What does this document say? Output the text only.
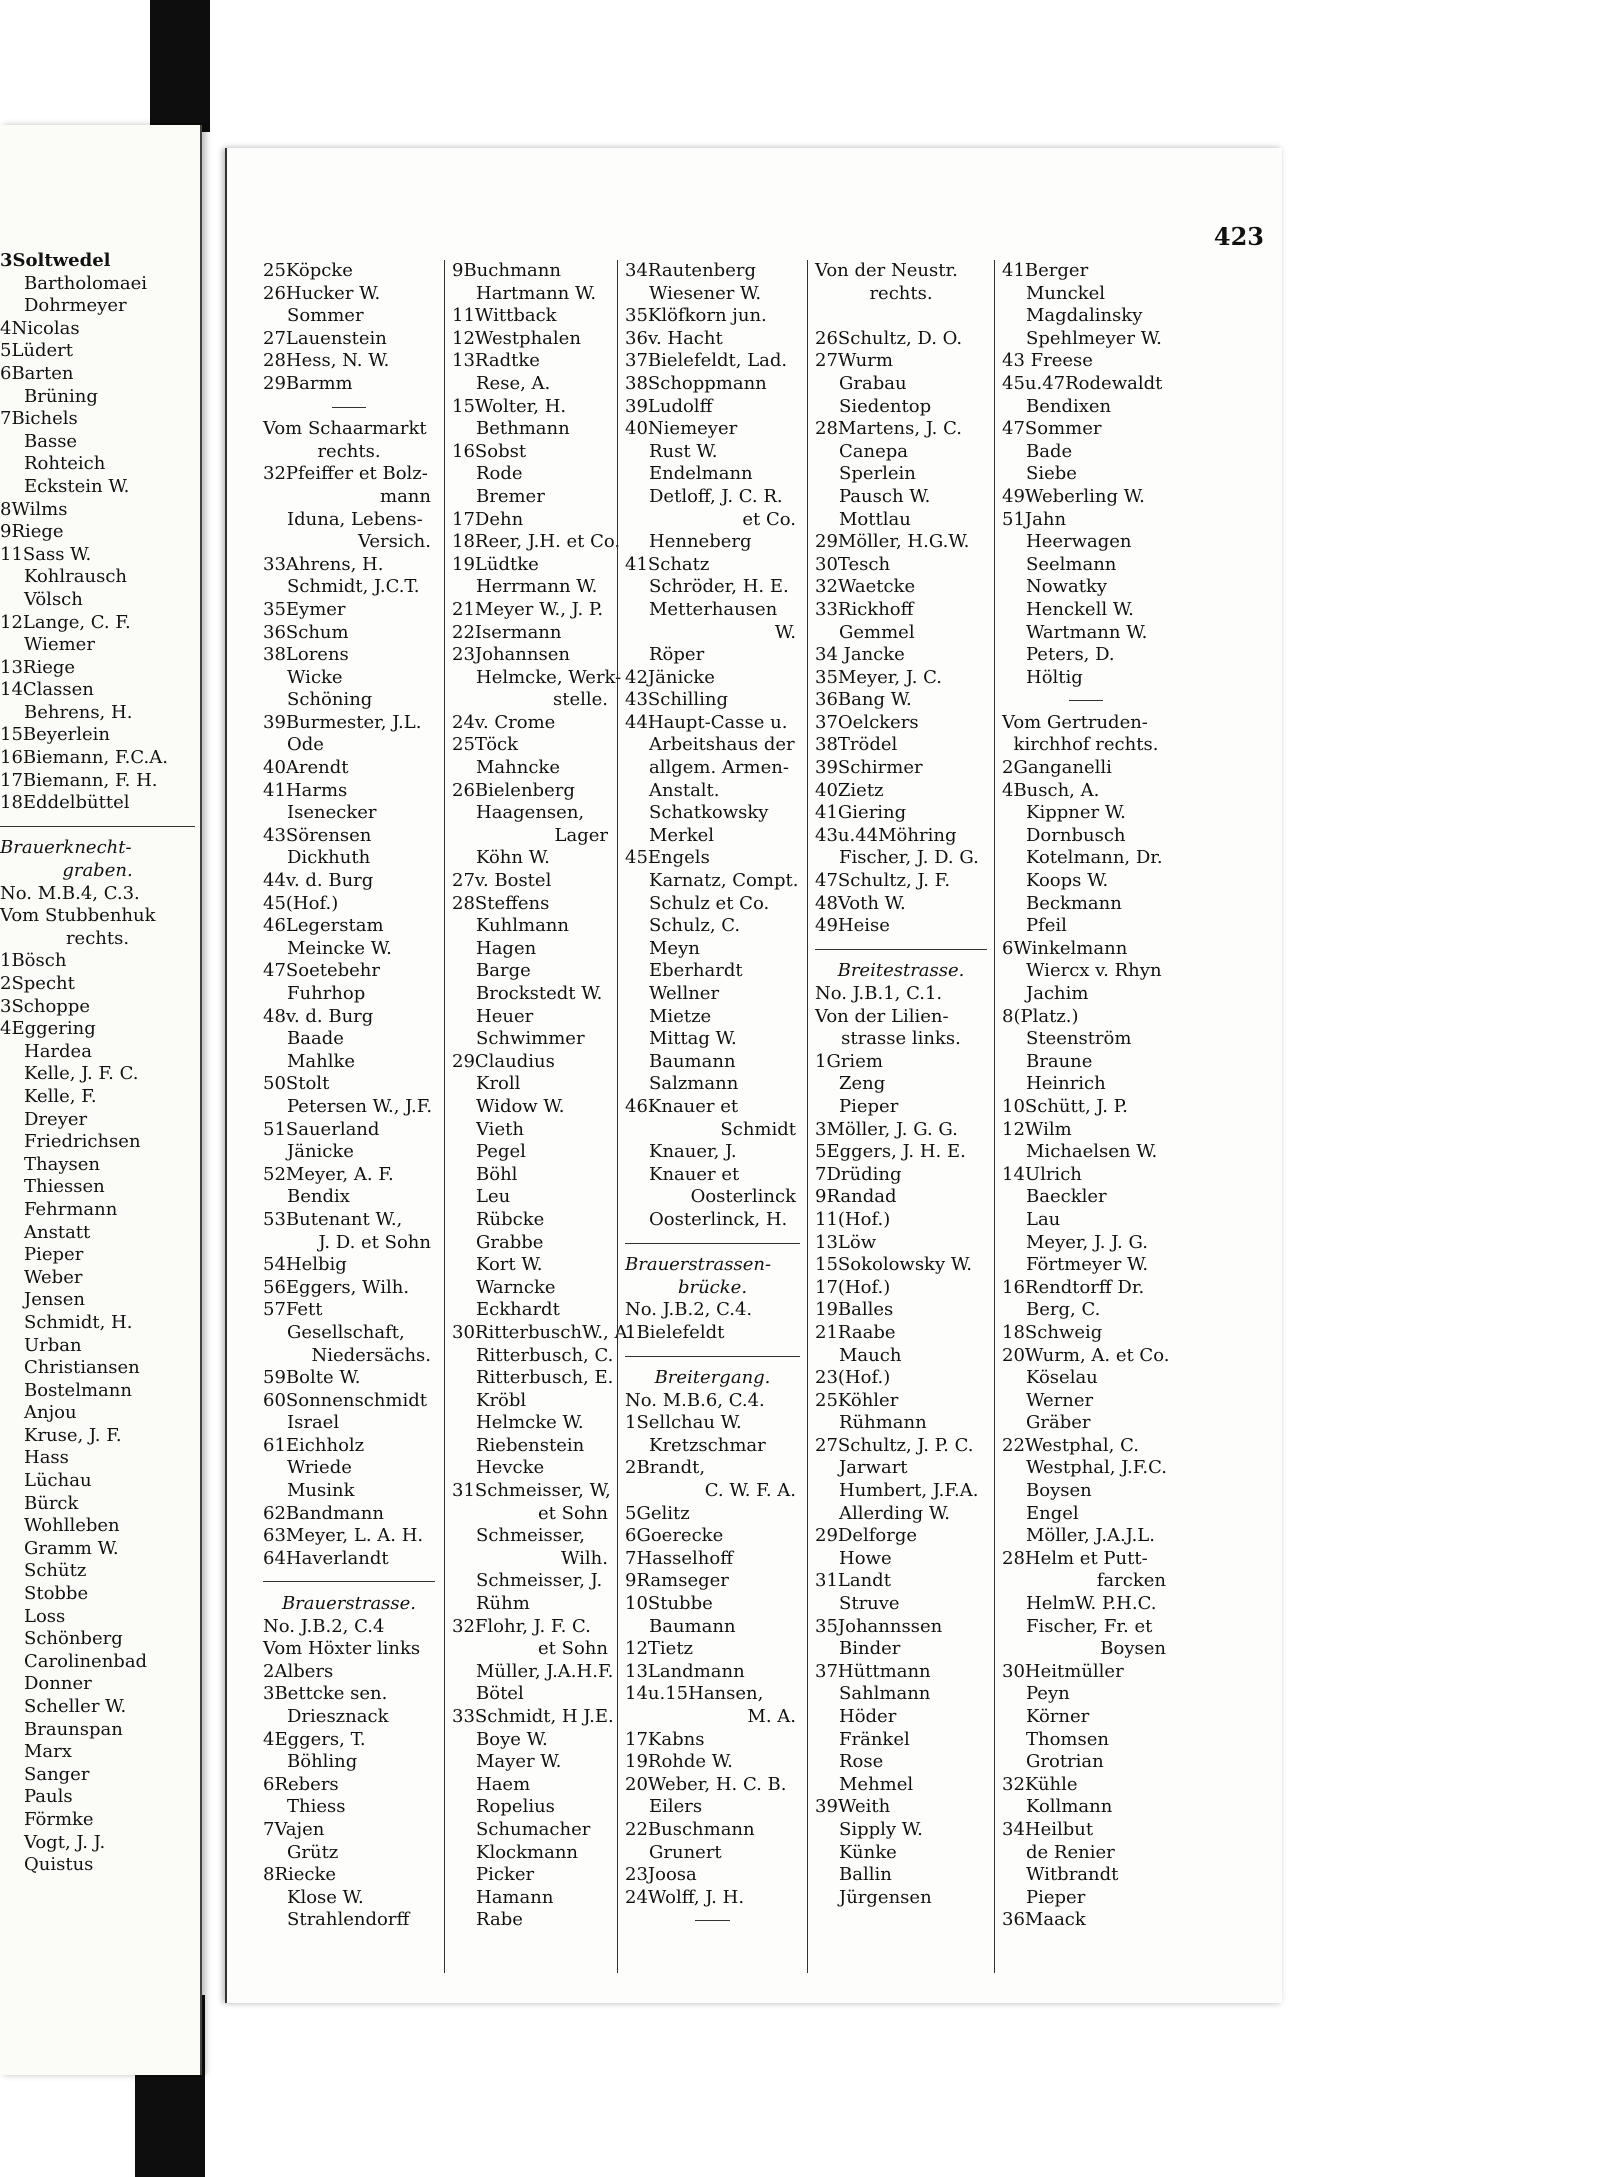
3Soltwedel
Bartholomaei
Dohrmeyer
4Nicolas
5Lüdert
6Barten
Brüning
7Bichels
Basse
Rohteich
Eckstein W.
8Wilms
9Riege
11Sass W.
Kohlrausch
Völsch
12Lange, C. F.
Wiemer
13Riege
14Classen
Behrens, H.
15Beyerlein
16Biemann, F.C.A.
17Biemann, F. H.
18Eddelbüttel
Brauerknecht-
graben.
No. M.B.4, C.3.
Vom Stubbenhuk
rechts.
1Bösch
2Specht
3Schoppe
4Eggering
Hardea
Kelle, J. F. C.
Kelle, F.
Dreyer
Friedrichsen
Thaysen
Thiessen
Fehrmann
Anstatt
Pieper
Weber
Jensen
Schmidt, H.
Urban
Christiansen
Bostelmann
Anjou
Kruse, J. F.
Hass
Lüchau
Bürck
Wohlleben
Gramm W.
Schütz
Stobbe
Loss
Schönberg
Carolinenbad
Donner
Scheller W.
Braunspan
Marx
Sanger
Pauls
Förmke
Vogt, J. J.
Quistus
423
25Köpcke
26Hucker W.
Sommer
27Lauenstein
28Hess, N. W.
29Barmm
Vom Schaarmarkt
rechts.
32Pfeiffer et Bolz-
mann
Iduna, Lebens-
Versich.
33Ahrens, H.
Schmidt, J.C.T.
35Eymer
36Schum
38Lorens
Wicke
Schöning
39Burmester, J.L.
Ode
40Arendt
41Harms
Isenecker
43Sörensen
Dickhuth
44v. d. Burg
45(Hof.)
46Legerstam
Meincke W.
47Soetebehr
Fuhrhop
48v. d. Burg
Baade
Mahlke
50Stolt
Petersen W., J.F.
51Sauerland
Jänicke
52Meyer, A. F.
Bendix
53Butenant W.,
J. D. et Sohn
54Helbig
56Eggers, Wilh.
57Fett
Gesellschaft,
Niedersächs.
59Bolte W.
60Sonnenschmidt
Israel
61Eichholz
Wriede
Musink
62Bandmann
63Meyer, L. A. H.
64Haverlandt
Brauerstrasse.
No. J.B.2, C.4
Vom Höxter links
2Albers
3Bettcke sen.
Driesznack
4Eggers, T.
Böhling
6Rebers
Thiess
7Vajen
Grütz
8Riecke
Klose W.
Strahlendorff
9Buchmann
Hartmann W.
11Wittback
12Westphalen
13Radtke
Rese, A.
15Wolter, H.
Bethmann
16Sobst
Rode
Bremer
17Dehn
18Reer, J.H. et Co.
19Lüdtke
Herrmann W.
21Meyer W., J. P.
22Isermann
23Johannsen
Helmcke, Werk-
stelle.
24v. Crome
25Töck
Mahncke
26Bielenberg
Haagensen,
Lager
Köhn W.
27v. Bostel
28Steffens
Kuhlmann
Hagen
Barge
Brockstedt W.
Heuer
Schwimmer
29Claudius
Kroll
Widow W.
Vieth
Pegel
Böhl
Leu
Rübcke
Grabbe
Kort W.
Warncke
Eckhardt
30RitterbuschW., A.
Ritterbusch, C.
Ritterbusch, E.
Kröbl
Helmcke W.
Riebenstein
Hevcke
31Schmeisser, W,
et Sohn
Schmeisser,
Wilh.
Schmeisser, J.
Rühm
32Flohr, J. F. C.
et Sohn
Müller, J.A.H.F.
Bötel
33Schmidt, H J.E.
Boye W.
Mayer W.
Haem
Ropelius
Schumacher
Klockmann
Picker
Hamann
Rabe
34Rautenberg
Wiesener W.
35Klöfkorn jun.
36v. Hacht
37Bielefeldt, Lad.
38Schoppmann
39Ludolff
40Niemeyer
Rust W.
Endelmann
Detloff, J. C. R.
et Co.
Henneberg
41Schatz
Schröder, H. E.
Metterhausen
W.
Röper
42Jänicke
43Schilling
44Haupt-Casse u.
Arbeitshaus der
allgem. Armen-
Anstalt.
Schatkowsky
Merkel
45Engels
Karnatz, Compt.
Schulz et Co.
Schulz, C.
Meyn
Eberhardt
Wellner
Mietze
Mittag W.
Baumann
Salzmann
46Knauer et
Schmidt
Knauer, J.
Knauer et
Oosterlinck
Oosterlinck, H.
Brauerstrassen-
brücke.
No. J.B.2, C.4.
1Bielefeldt
Breitergang.
No. M.B.6, C.4.
1Sellchau W.
Kretzschmar
2Brandt,
C. W. F. A.
5Gelitz
6Goerecke
7Hasselhoff
9Ramseger
10Stubbe
Baumann
12Tietz
13Landmann
14u.15Hansen,
M. A.
17Kabns
19Rohde W.
20Weber, H. C. B.
Eilers
22Buschmann
Grunert
23Joosa
24Wolff, J. H.
Von der Neustr.
rechts.
26Schultz, D. O.
27Wurm
Grabau
Siedentop
28Martens, J. C.
Canepa
Sperlein
Pausch W.
Mottlau
29Möller, H.G.W.
30Tesch
32Waetcke
33Rickhoff
Gemmel
34 Jancke
35Meyer, J. C.
36Bang W.
37Oelckers
38Trödel
39Schirmer
40Zietz
41Giering
43u.44Möhring
Fischer, J. D. G.
47Schultz, J. F.
48Voth W.
49Heise
Breitestrasse.
No. J.B.1, C.1.
Von der Lilien-
strasse links.
1Griem
Zeng
Pieper
3Möller, J. G. G.
5Eggers, J. H. E.
7Drüding
9Randad
11(Hof.)
13Löw
15Sokolowsky W.
17(Hof.)
19Balles
21Raabe
Mauch
23(Hof.)
25Köhler
Rühmann
27Schultz, J. P. C.
Jarwart
Humbert, J.F.A.
Allerding W.
29Delforge
Howe
31Landt
Struve
35Johannssen
Binder
37Hüttmann
Sahlmann
Höder
Fränkel
Rose
Mehmel
39Weith
Sipply W.
Künke
Ballin
Jürgensen
41Berger
Munckel
Magdalinsky
Spehlmeyer W.
43 Freese
45u.47Rodewaldt
Bendixen
47Sommer
Bade
Siebe
49Weberling W.
51Jahn
Heerwagen
Seelmann
Nowatky
Henckell W.
Wartmann W.
Peters, D.
Höltig
Vom Gertruden-
kirchhof rechts.
2Ganganelli
4Busch, A.
Kippner W.
Dornbusch
Kotelmann, Dr.
Koops W.
Beckmann
Pfeil
6Winkelmann
Wiercx v. Rhyn
Jachim
8(Platz.)
Steenström
Braune
Heinrich
10Schütt, J. P.
12Wilm
Michaelsen W.
14Ulrich
Baeckler
Lau
Meyer, J. J. G.
Förtmeyer W.
16Rendtorff Dr.
Berg, C.
18Schweig
20Wurm, A. et Co.
Köselau
Werner
Gräber
22Westphal, C.
Westphal, J.F.C.
Boysen
Engel
Möller, J.A.J.L.
28Helm et Putt-
farcken
HelmW. P.H.C.
Fischer, Fr. et
Boysen
30Heitmüller
Peyn
Körner
Thomsen
Grotrian
32Kühle
Kollmann
34Heilbut
de Renier
Witbrandt
Pieper
36Maack
